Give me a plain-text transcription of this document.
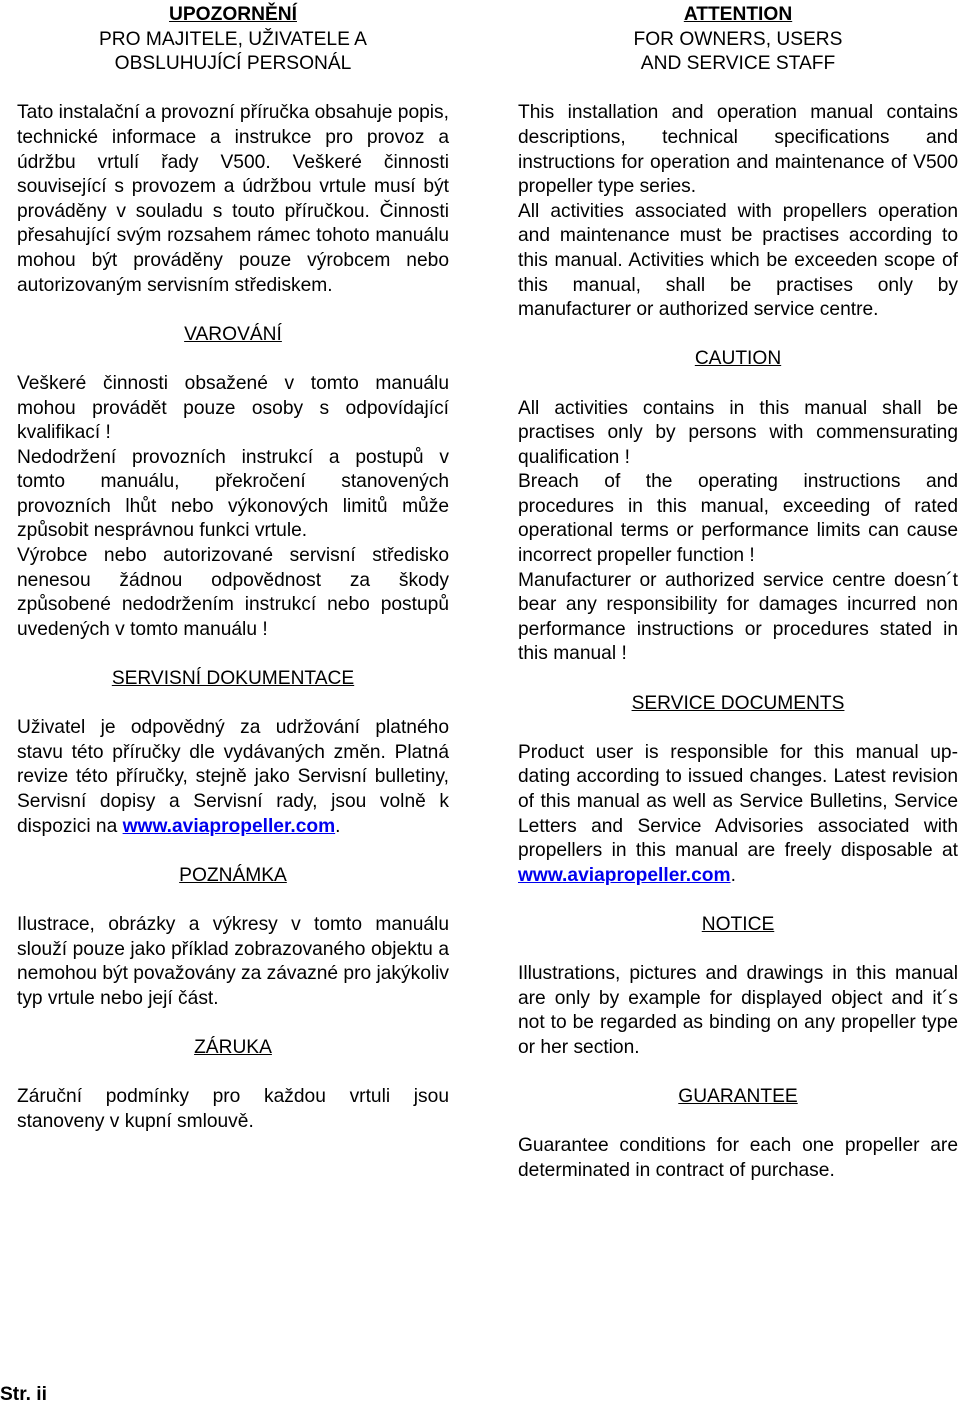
UPOZORNĚNÍ
PRO MAJITELE, UŽIVATELE A
OBSLUHUJÍCÍ PERSONÁL

Tato instalační a provozní příručka obsahuje popis, technické informace a instrukce pro provoz a údržbu vrtulí řady V500. Veškeré činnosti související s provozem a údržbou vrtule musí být prováděny v souladu s touto příručkou. Činnosti přesahující svým rozsahem rámec tohoto manuálu mohou být prováděny pouze výrobcem nebo autorizovaným servisním střediskem.

VAROVÁNÍ

Veškeré činnosti obsažené v tomto manuálu mohou provádět pouze osoby s odpovídající kvalifikací !

Nedodržení provozních instrukcí a postupů v tomto manuálu, překročení stanovených provozních lhůt nebo výkonových limitů může způsobit nesprávnou funkci vrtule.

Výrobce nebo autorizované servisní středisko nenesou žádnou odpovědnost za škody způsobené nedodržením instrukcí nebo postupů uvedených v tomto manuálu !

SERVISNÍ DOKUMENTACE

Uživatel je odpovědný za udržování platného stavu této příručky dle vydávaných změn. Platná revize této příručky, stejně jako Servisní bulletiny, Servisní dopisy a Servisní rady, jsou volně k dispozici na www.aviapropeller.com.

POZNÁMKA

Ilustrace, obrázky a výkresy v tomto manuálu slouží pouze jako příklad zobrazovaného objektu a nemohou být považovány za závazné pro jakýkoliv typ vrtule nebo její část.

ZÁRUKA

Záruční podmínky pro každou vrtuli jsou stanoveny v kupní smlouvě.

ATTENTION
FOR OWNERS, USERS
AND SERVICE STAFF

This installation and operation manual contains descriptions, technical specifications and instructions for operation and maintenance of V500 propeller type series.

All activities associated with propellers operation and maintenance must be practises according to this manual. Activities which be exceeden scope of this manual, shall be practises only by manufacturer or authorized service centre.

CAUTION

All activities contains in this manual shall be practises only by persons with commensurating qualification !

Breach of the operating instructions and procedures in this manual, exceeding of rated operational terms or performance limits can cause incorrect propeller function !

Manufacturer or authorized service centre doesn´t bear any responsibility for damages incurred non performance instructions or procedures stated in this manual !

SERVICE DOCUMENTS

Product user is responsible for this manual up-dating according to issued changes. Latest revision of this manual as well as Service Bulletins, Service Letters and Service Advisories associated with propellers in this manual are freely disposable at www.aviapropeller.com.

NOTICE

Illustrations, pictures and drawings in this manual are only by example for displayed object and it´s not to be regarded as binding on any propeller type or her section.

GUARANTEE

Guarantee conditions for each one propeller are determinated in contract of purchase.

Str. ii
